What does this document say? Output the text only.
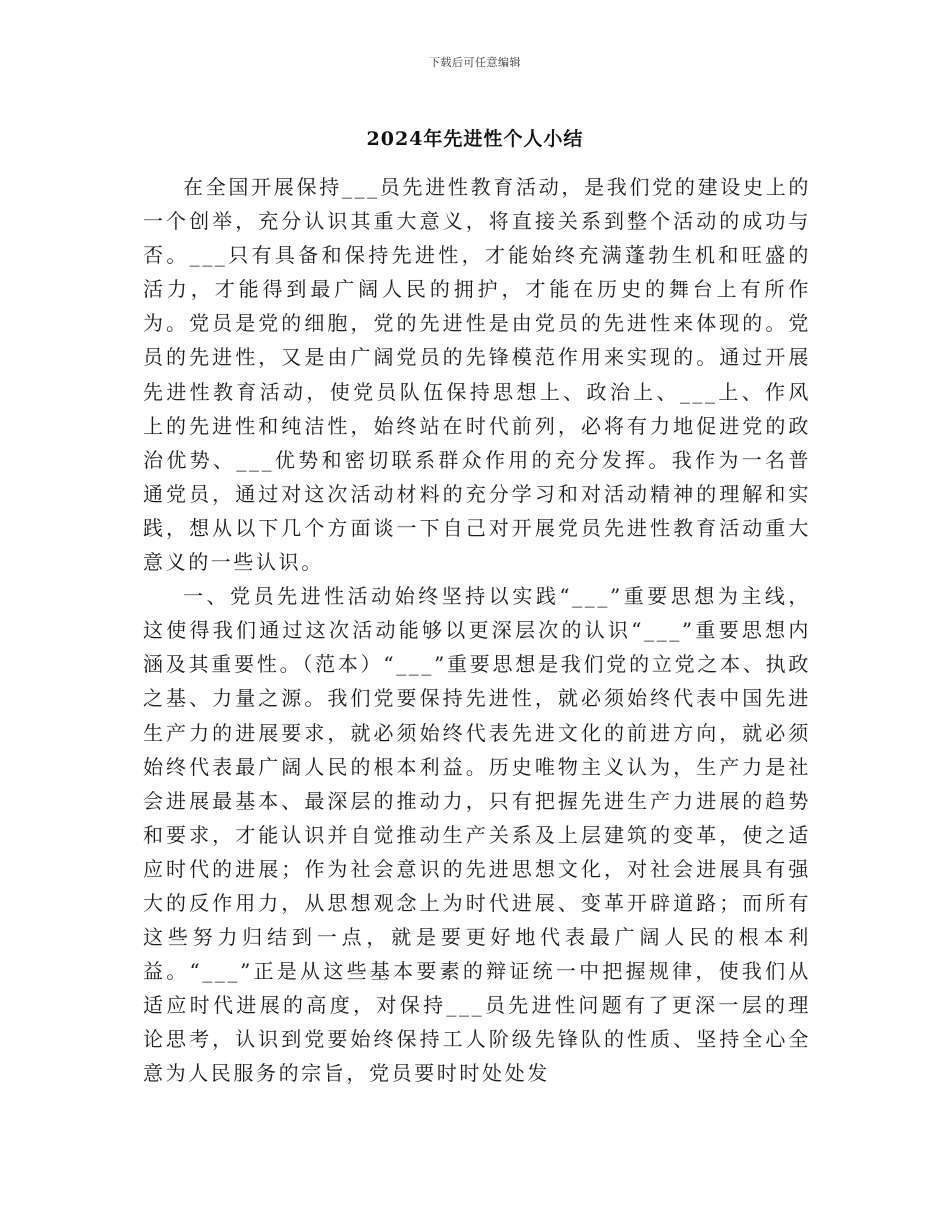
下载后可任意编辑
2024年先进性个人小结

在全国开展保持___员先进性教育活动，是我们党的建设史上的一个创举，充分认识其重大意义，将直接关系到整个活动的成功与否。___只有具备和保持先进性，才能始终充满蓬勃生机和旺盛的活力，才能得到最广阔人民的拥护，才能在历史的舞台上有所作为。党员是党的细胞，党的先进性是由党员的先进性来体现的。党员的先进性，又是由广阔党员的先锋模范作用来实现的。通过开展先进性教育活动，使党员队伍保持思想上、政治上、___上、作风上的先进性和纯洁性，始终站在时代前列，必将有力地促进党的政治优势、___优势和密切联系群众作用的充分发挥。我作为一名普通党员，通过对这次活动材料的充分学习和对活动精神的理解和实践，想从以下几个方面谈一下自己对开展党员先进性教育活动重大意义的一些认识。

一、党员先进性活动始终坚持以实践“___”重要思想为主线，这使得我们通过这次活动能够以更深层次的认识“___”重要思想内涵及其重要性。（范本）“___”重要思想是我们党的立党之本、执政之基、力量之源。我们党要保持先进性，就必须始终代表中国先进生产力的进展要求，就必须始终代表先进文化的前进方向，就必须始终代表最广阔人民的根本利益。历史唯物主义认为，生产力是社会进展最基本、最深层的推动力，只有把握先进生产力进展的趋势和要求，才能认识并自觉推动生产关系及上层建筑的变革，使之适应时代的进展；作为社会意识的先进思想文化，对社会进展具有强大的反作用力，从思想观念上为时代进展、变革开辟道路；而所有这些努力归结到一点，就是要更好地代表最广阔人民的根本利益。“___”正是从这些基本要素的辩证统一中把握规律，使我们从适应时代进展的高度，对保持___员先进性问题有了更深一层的理论思考，认识到党要始终保持工人阶级先锋队的性质、坚持全心全意为人民服务的宗旨，党员要时时处处发
